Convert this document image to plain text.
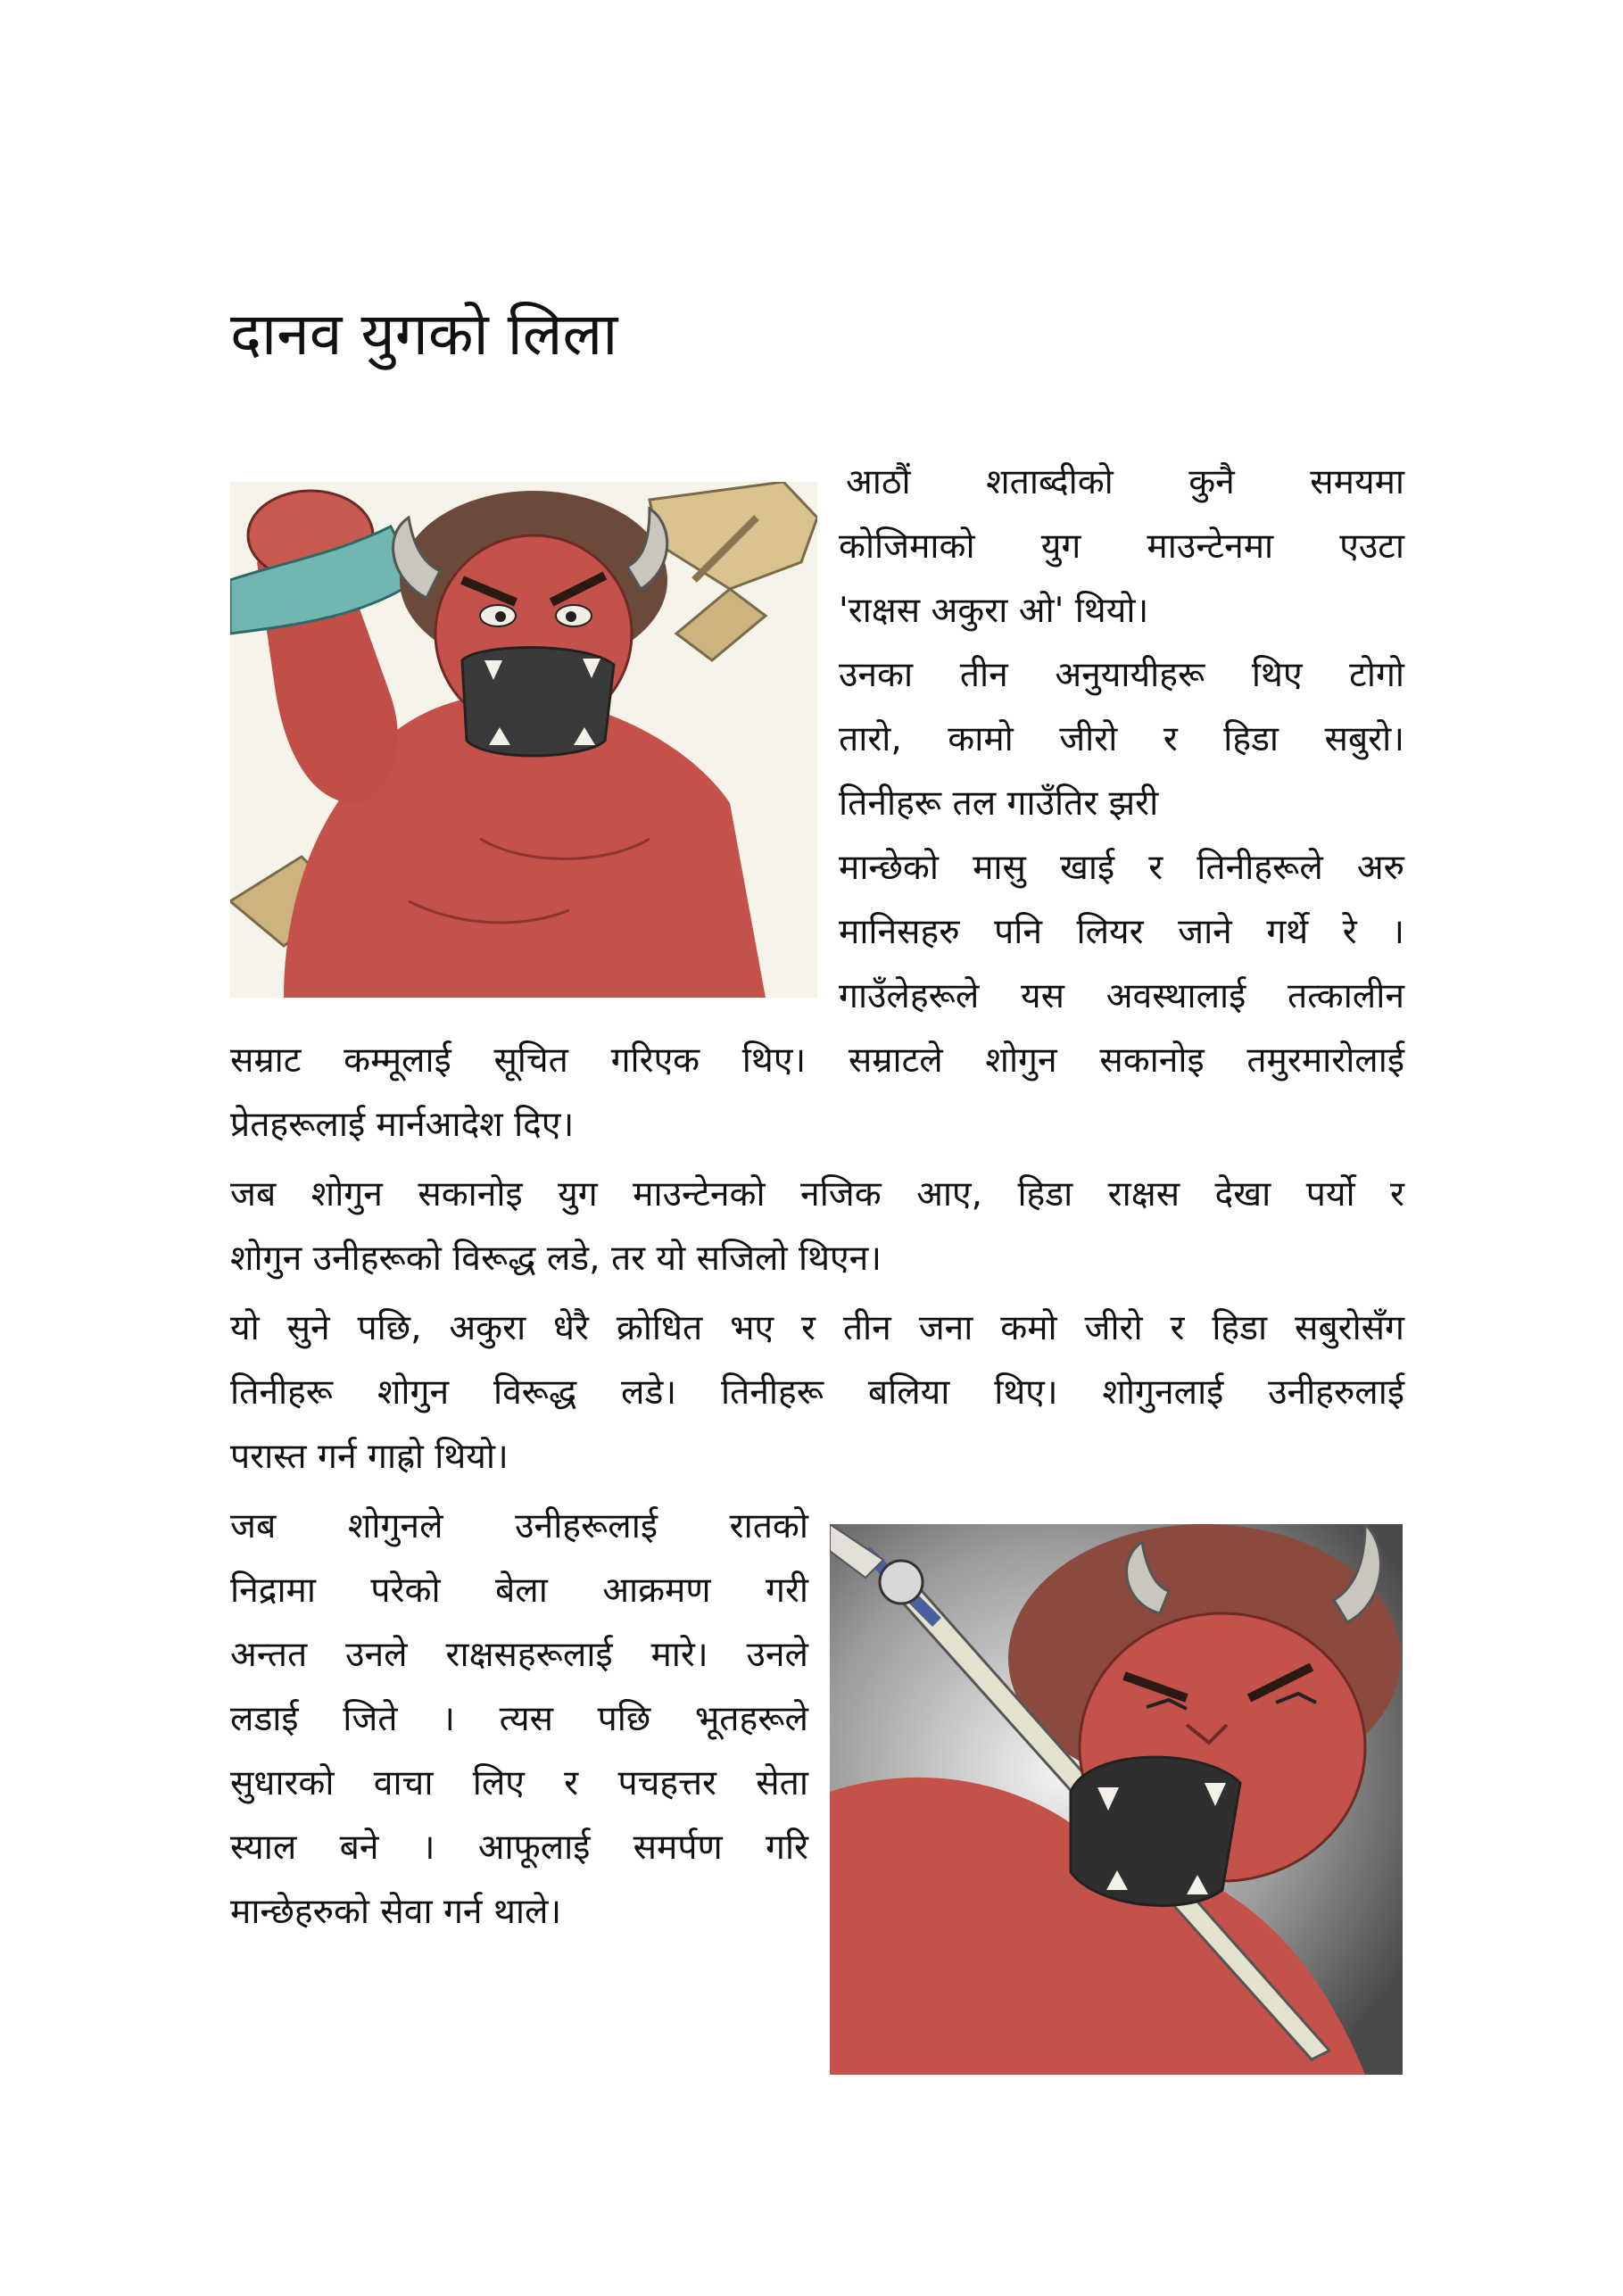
दानव युगको लिला
आठौं शताब्दीको कुनै समयमा
कोजिमाको युग माउन्टेनमा एउटा
'राक्षस अकुरा ओ' थियो।
उनका तीन अनुयायीहरू थिए टोगो
तारो, कामो जीरो र हिडा सबुरो।
तिनीहरू तल गाउँतिर झरी
मान्छेको मासु खाई र तिनीहरूले अरु
मानिसहरु पनि लियर जाने गर्थे रे ।
गाउँलेहरूले यस अवस्थालाई तत्कालीन
सम्राट कम्मूलाई सूचित गरिएक थिए। सम्राटले शोगुन सकानोइ तमुरमारोलाई
प्रेतहरूलाई मार्नआदेश दिए।
जब शोगुन सकानोइ युग माउन्टेनको नजिक आए, हिडा राक्षस देखा पर्यो र
शोगुन उनीहरूको विरूद्ध लडे, तर यो सजिलो थिएन।
यो सुने पछि, अकुरा धेरै क्रोधित भए र तीन जना कमो जीरो र हिडा सबुरोसँग
तिनीहरू शोगुन विरूद्ध लडे। तिनीहरू बलिया थिए। शोगुनलाई उनीहरुलाई
परास्त गर्न गाह्रो थियो।
जब शोगुनले उनीहरूलाई रातको
निद्रामा परेको बेला आक्रमण गरी
अन्तत उनले राक्षसहरूलाई मारे। उनले
लडाई जिते । त्यस पछि भूतहरूले
सुधारको वाचा लिए र पचहत्तर सेता
स्याल बने । आफूलाई समर्पण गरि
मान्छेहरुको सेवा गर्न थाले।
